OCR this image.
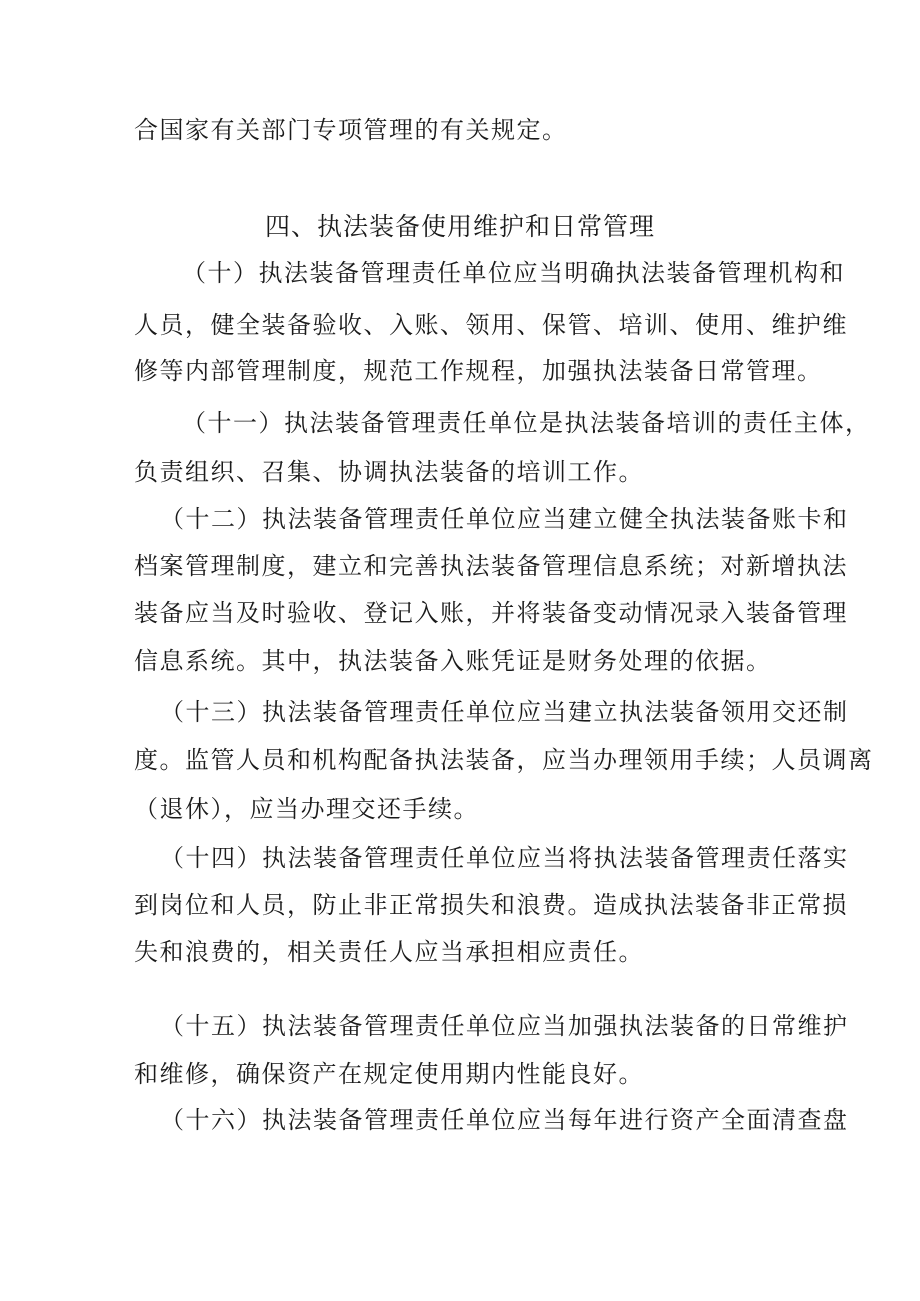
合国家有关部门专项管理的有关规定。
四、执法装备使用维护和日常管理
（十）执法装备管理责任单位应当明确执法装备管理机构和
人员，健全装备验收、入账、领用、保管、培训、使用、维护维
修等内部管理制度，规范工作规程，加强执法装备日常管理。
（十一）执法装备管理责任单位是执法装备培训的责任主体，
负责组织、召集、协调执法装备的培训工作。
（十二）执法装备管理责任单位应当建立健全执法装备账卡和
档案管理制度，建立和完善执法装备管理信息系统；对新增执法
装备应当及时验收、登记入账，并将装备变动情况录入装备管理
信息系统。其中，执法装备入账凭证是财务处理的依据。
（十三）执法装备管理责任单位应当建立执法装备领用交还制
度。监管人员和机构配备执法装备，应当办理领用手续；人员调离
（退休），应当办理交还手续。
（十四）执法装备管理责任单位应当将执法装备管理责任落实
到岗位和人员，防止非正常损失和浪费。造成执法装备非正常损
失和浪费的，相关责任人应当承担相应责任。
（十五）执法装备管理责任单位应当加强执法装备的日常维护
和维修，确保资产在规定使用期内性能良好。
（十六）执法装备管理责任单位应当每年进行资产全面清查盘
